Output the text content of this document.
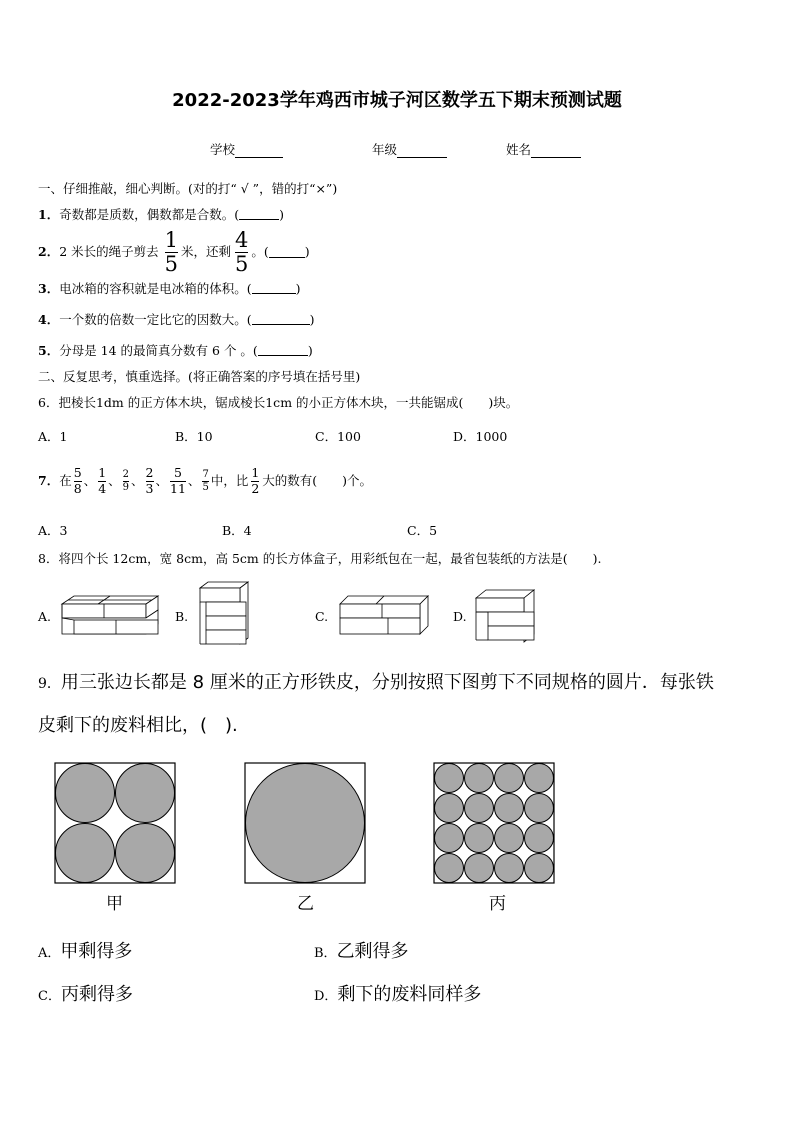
2022-2023学年鸡西市城子河区数学五下期末预测试题
学校	年级	姓名
一、仔细推敲，细心判断。(对的打“ √ ”，错的打“×”)
1．奇数都是质数，偶数都是合数。(	)
2． 2 米长的绳子剪去 $\frac{1}{5}$ 米，还剩 $\frac{4}{5}$ 。(	)
3．电冰箱的容积就是电冰箱的体积。(	)
4．一个数的倍数一定比它的因数大。(	)
5．分母是 14 的最简真分数有 6 个 。(	)
二、反复思考，慎重选择。(将正确答案的序号填在括号里)
6．把棱长1dm 的正方体木块，锯成棱长1cm 的小正方体木块，一共能锯成(　　)块。
A．1	B．10	C．100	D．1000
7． 在 $\frac{5}{8}$ 、 $\frac{1}{4}$ 、 $\frac{2}{9}$ 、 $\frac{2}{3}$ 、 $\frac{5}{11}$ 、 $\frac{7}{5}$ 中，比 $\frac{1}{2}$ 大的数有(　　)个。
A．3	B．4	C．5
8．将四个长 12cm，宽 8cm，高 5cm 的长方体盒子，用彩纸包在一起，最省包装纸的方法是(　　).
A.	B.	C.	D.
9．用三张边长都是 8 厘米的正方形铁皮，分别按照下图剪下不同规格的圆片．每张铁
皮剩下的废料相比，(　).
甲	乙	丙
A．甲剩得多	B．乙剩得多
C．丙剩得多	D．剩下的废料同样多
